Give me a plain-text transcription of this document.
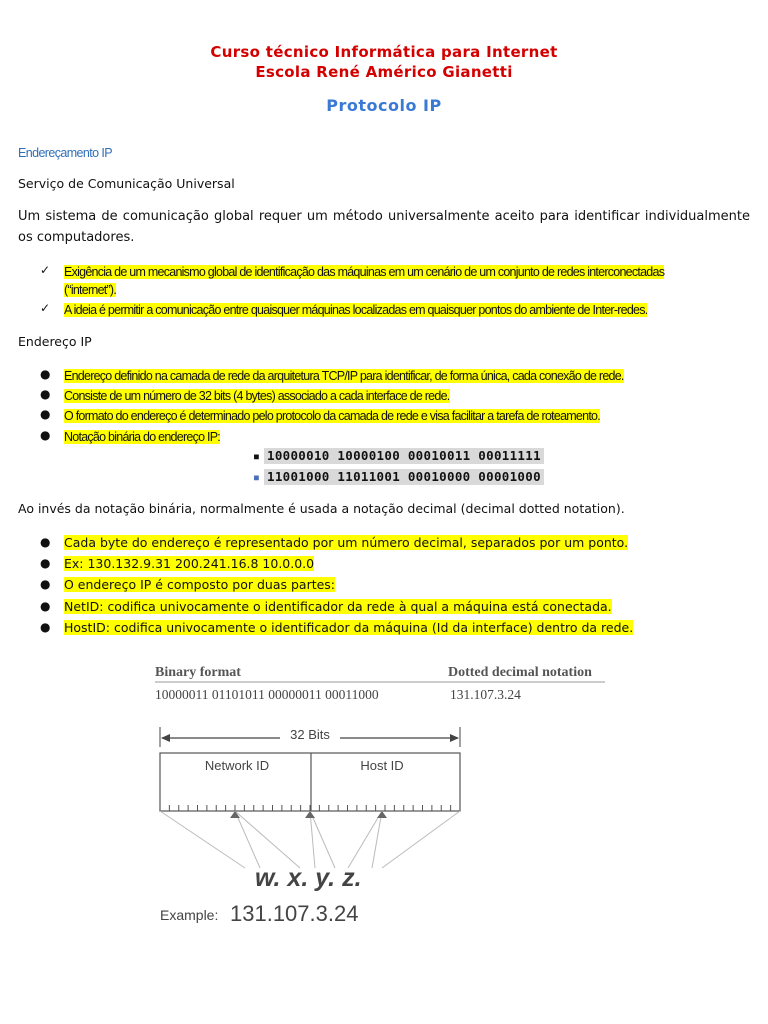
Curso técnico Informática para Internet
Escola René Américo Gianetti
Protocolo IP
Endereçamento IP
Serviço de Comunicação Universal
Um sistema de comunicação global requer um método universalmente aceito para identificar individualmente os computadores.
✓ Exigência de um mecanismo global de identificação das máquinas em um cenário de um conjunto de redes interconectadas
(“internet”).
✓ A ideia é permitir a comunicação entre quaisquer máquinas localizadas em quaisquer pontos do ambiente de Inter-redes.
Endereço IP
● Endereço definido na camada de rede da arquitetura TCP/IP para identificar, de forma única, cada conexão de rede.
● Consiste de um número de 32 bits (4 bytes) associado a cada interface de rede.
● O formato do endereço é determinado pelo protocolo da camada de rede e visa facilitar a tarefa de roteamento.
● Notação binária do endereço IP:
■ 10000010 10000100 00010011 00011111
■ 11001000 11011001 00010000 00001000
Ao invés da notação binária, normalmente é usada a notação decimal (decimal dotted notation).
● Cada byte do endereço é representado por um número decimal, separados por um ponto.
● Ex: 130.132.9.31 200.241.16.8 10.0.0.0
● O endereço IP é composto por duas partes:
● NetID: codifica univocamente o identificador da rede à qual a máquina está conectada.
● HostID: codifica univocamente o identificador da máquina (Id da interface) dentro da rede.
Binary format	Dotted decimal notation
10000011 01101011 00000011 00011000	131.107.3.24
32 Bits
Network ID	Host ID
w. x. y. z.
Example: 131.107.3.24
